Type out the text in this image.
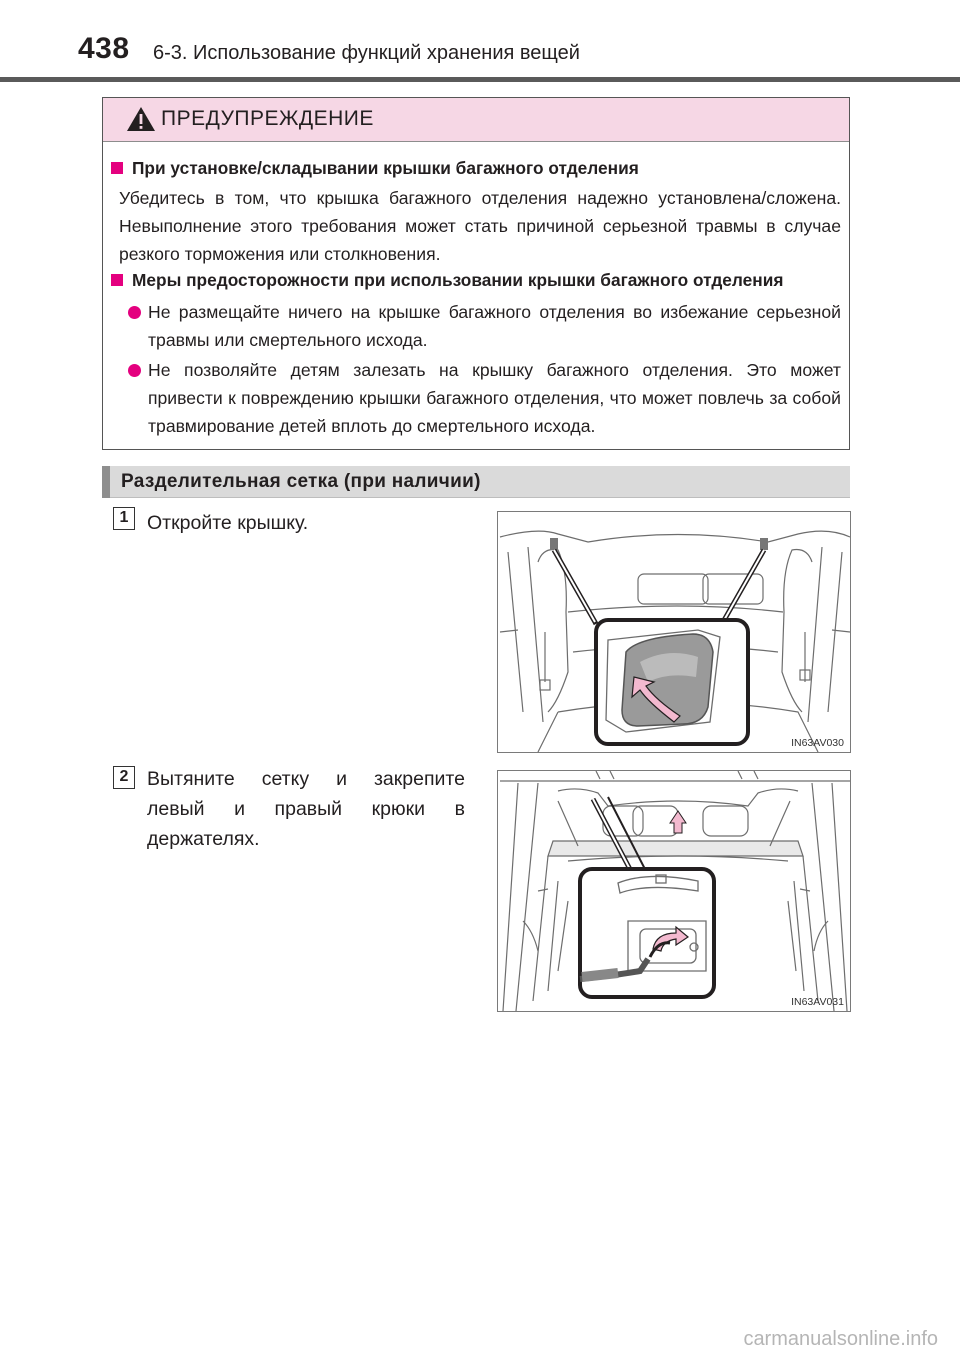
438 6-3. Использование функций хранения вещей
ПРЕДУПРЕЖДЕНИЕ
При установке/складывании крышки багажного отделения
Убедитесь в том, что крышка багажного отделения надежно установлена/сложена. Невыполнение этого требования может стать причиной серьезной травмы в случае резкого торможения или столкновения.
Меры предосторожности при использовании крышки багажного отделения
Не размещайте ничего на крышке багажного отделения во избежание серьезной травмы или смертельного исхода.
Не позволяйте детям залезать на крышку багажного отделения. Это может привести к повреждению крышки багажного отделения, что может повлечь за собой травмирование детей вплоть до смертельного исхода.
Разделительная сетка (при наличии)
1 Откройте крышку.
IN63AV030
2 Вытяните сетку и закрепите
левый и правый крюки в
держателях.
IN63AV031
carmanualsonline.info
